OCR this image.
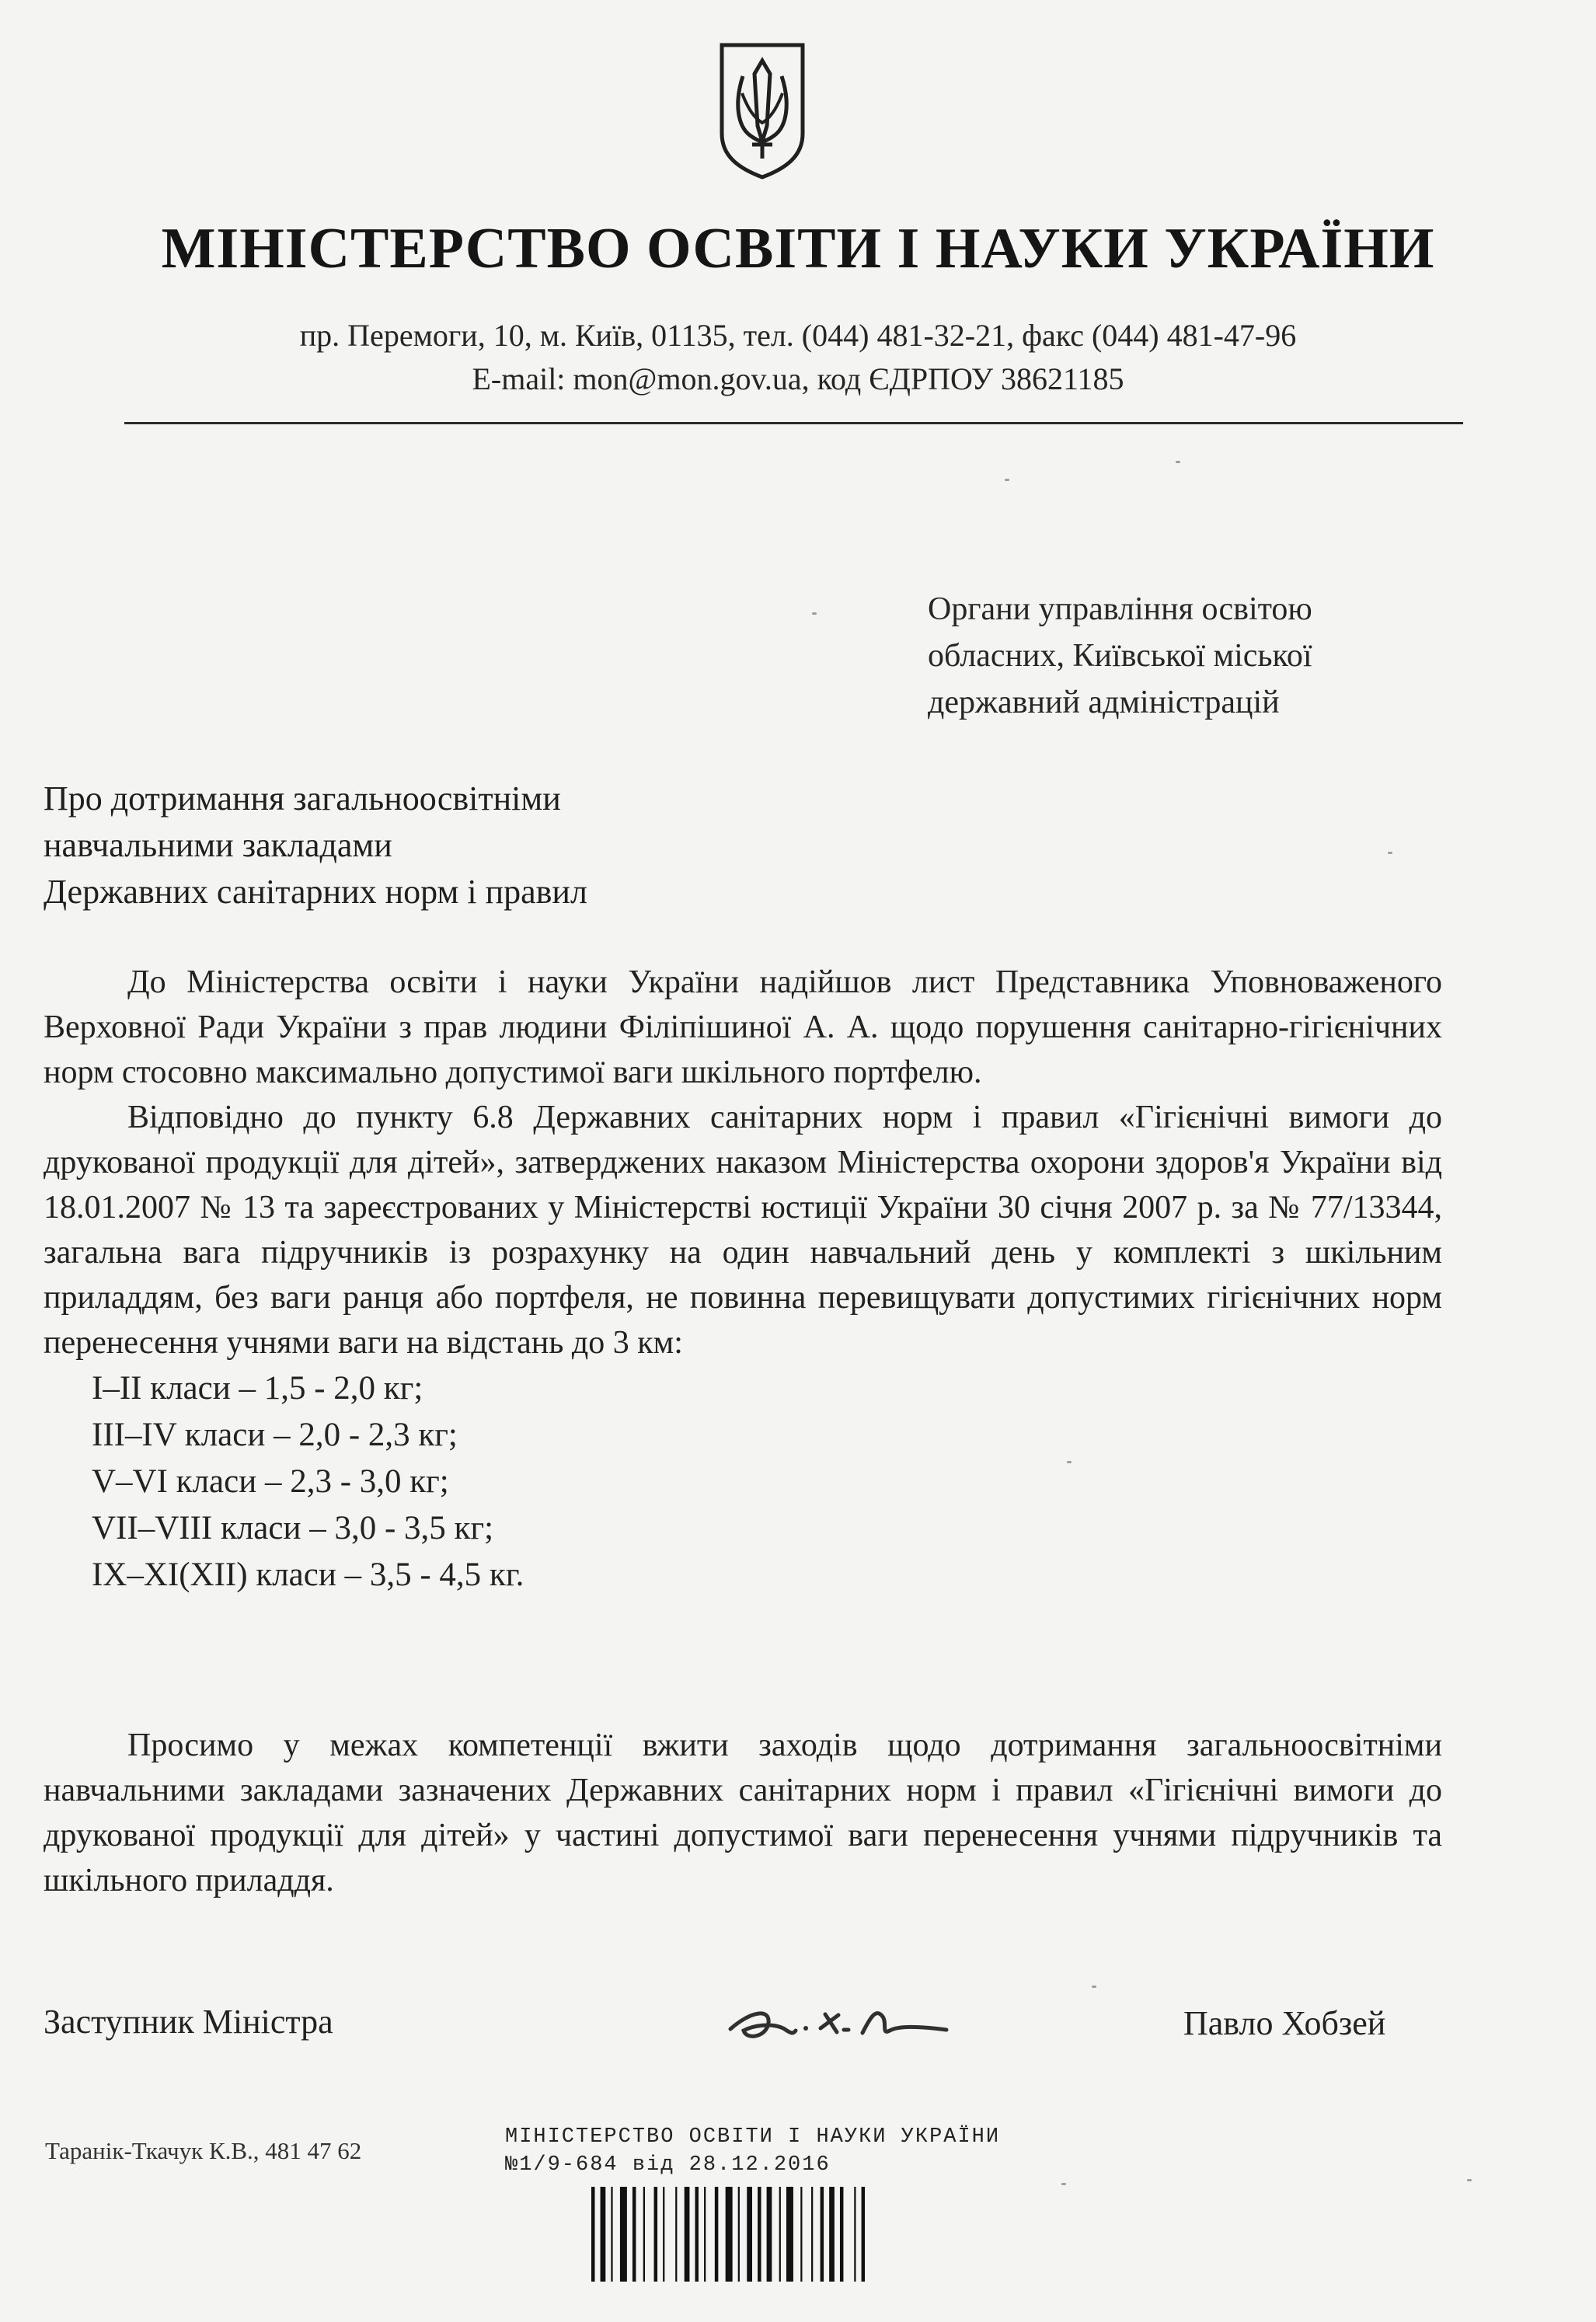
МІНІСТЕРСТВО ОСВІТИ І НАУКИ УКРАЇНИ
пр. Перемоги, 10, м. Київ, 01135, тел. (044) 481-32-21, факс (044) 481-47-96
E-mail: mon@mon.gov.ua, код ЄДРПОУ 38621185
Органи управління освітою
обласних, Київської міської
державний адміністрацій
Про дотримання загальноосвітніми
навчальними закладами
Державних санітарних норм і правил

До Міністерства освіти і науки України надійшов лист Представника Уповноваженого Верховної Ради України з прав людини Філіпішиної А. А. щодо порушення санітарно-гігієнічних норм стосовно максимально допустимої ваги шкільного портфелю.

Відповідно до пункту 6.8 Державних санітарних норм і правил «Гігієнічні вимоги до друкованої продукції для дітей», затверджених наказом Міністерства охорони здоров'я України від 18.01.2007 № 13 та зареєстрованих у Міністерстві юстиції України 30 січня 2007 р. за № 77/13344, загальна вага підручників із розрахунку на один навчальний день у комплекті з шкільним приладдям, без ваги ранця або портфеля, не повинна перевищувати допустимих гігієнічних норм перенесення учнями ваги на відстань до 3 км:

І–ІІ класи – 1,5 - 2,0 кг;
ІІІ–ІV класи – 2,0 - 2,3 кг;
V–VІ класи – 2,3 - 3,0 кг;
VІІ–VІІІ класи – 3,0 - 3,5 кг;
ІХ–ХІ(ХІІ) класи – 3,5 - 4,5 кг.

Просимо у межах компетенції вжити заходів щодо дотримання загальноосвітніми навчальними закладами зазначених Державних санітарних норм і правил «Гігієнічні вимоги до друкованої продукції для дітей» у частині допустимої ваги перенесення учнями підручників та шкільного приладдя.

Заступник Міністра	Павло Хобзей
Таранік-Ткачук К.В., 481 47 62	МІНІСТЕРСТВО ОСВІТИ І НАУКИ УКРАЇНИ
№1/9-684 від 28.12.2016
